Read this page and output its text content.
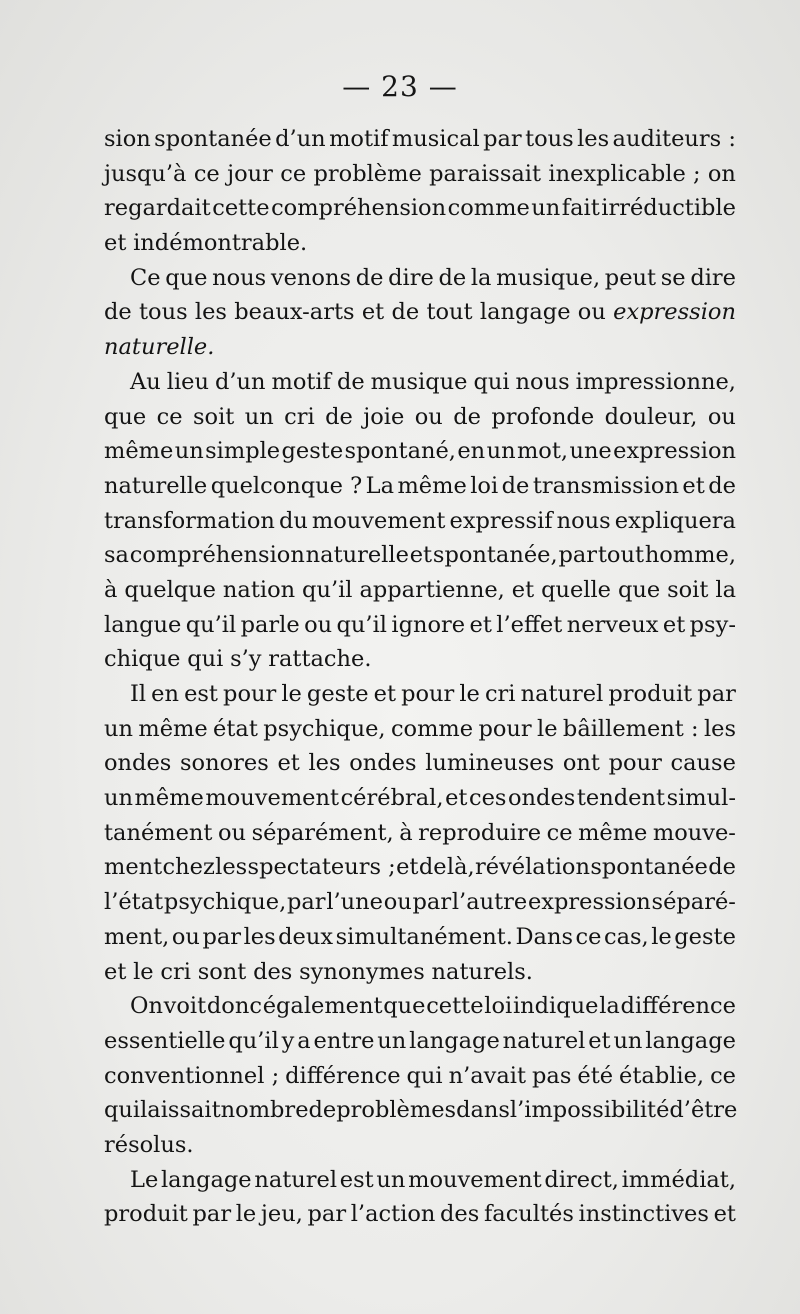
— 23 —
sion spontanée d’un motif musical par tous les auditeurs :
jusqu’à ce jour ce problème paraissait inexplicable ; on
regardait cette compréhension comme un fait irréductible
et indémontrable.
Ce que nous venons de dire de la musique, peut se dire
de tous les beaux-arts et de tout langage ou expression
naturelle.
Au lieu d’un motif de musique qui nous impressionne,
que ce soit un cri de joie ou de profonde douleur, ou
même un simple geste spontané, en un mot, une expression
naturelle quelconque ? La même loi de transmission et de
transformation du mouvement expressif nous expliquera
sa compréhension naturelle et spontanée, par tout homme,
à quelque nation qu’il appartienne, et quelle que soit la
langue qu’il parle ou qu’il ignore et l’effet nerveux et psy-
chique qui s’y rattache.
Il en est pour le geste et pour le cri naturel produit par
un même état psychique, comme pour le bâillement : les
ondes sonores et les ondes lumineuses ont pour cause
un même mouvement cérébral, et ces ondes tendent simul-
tanément ou séparément, à reproduire ce même mouve-
ment chez les spectateurs ; et de là, révélation spontanée de
l’état psychique, par l’une ou par l’autre expression séparé-
ment, ou par les deux simultanément. Dans ce cas, le geste
et le cri sont des synonymes naturels.
On voit donc également que cette loi indique la différence
essentielle qu’il y a entre un langage naturel et un langage
conventionnel ; différence qui n’avait pas été établie, ce
qui laissait nombre de problèmes dans l’impossibilité d’être
résolus.
Le langage naturel est un mouvement direct, immédiat,
produit par le jeu, par l’action des facultés instinctives et
